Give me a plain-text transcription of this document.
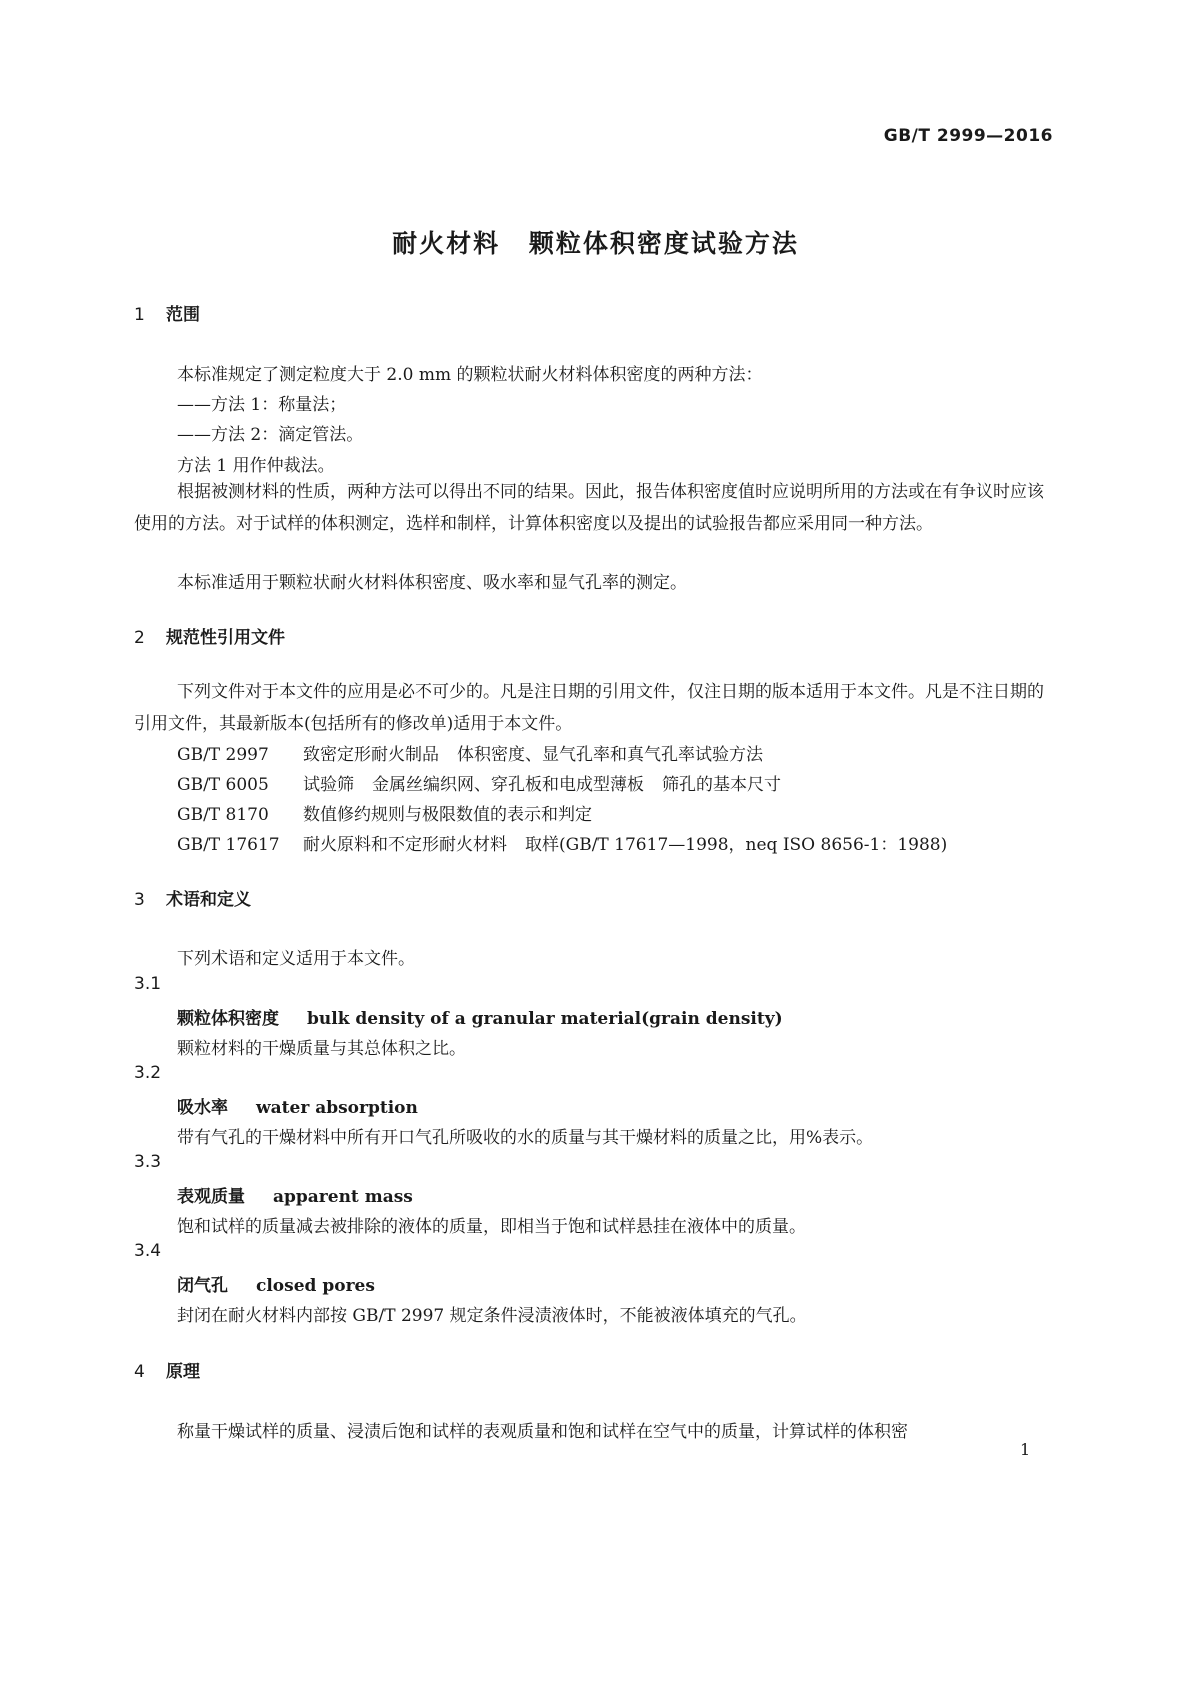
GB/T 2999—2016
耐火材料 颗粒体积密度试验方法
1 范围
本标准规定了测定粒度大于 2.0 mm 的颗粒状耐火材料体积密度的两种方法：
——方法 1：称量法；
——方法 2：滴定管法。
方法 1 用作仲裁法。
根据被测材料的性质，两种方法可以得出不同的结果。因此，报告体积密度值时应说明所用的方法或在有争议时应该使用的方法。对于试样的体积测定，选样和制样，计算体积密度以及提出的试验报告都应采用同一种方法。
本标准适用于颗粒状耐火材料体积密度、吸水率和显气孔率的测定。
2 规范性引用文件
下列文件对于本文件的应用是必不可少的。凡是注日期的引用文件，仅注日期的版本适用于本文件。凡是不注日期的引用文件，其最新版本(包括所有的修改单)适用于本文件。
GB/T 2997 致密定形耐火制品 体积密度、显气孔率和真气孔率试验方法
GB/T 6005 试验筛 金属丝编织网、穿孔板和电成型薄板 筛孔的基本尺寸
GB/T 8170 数值修约规则与极限数值的表示和判定
GB/T 17617 耐火原料和不定形耐火材料 取样(GB/T 17617—1998，neq ISO 8656-1：1988)
3 术语和定义
下列术语和定义适用于本文件。
3.1
颗粒体积密度 bulk density of a granular material(grain density)
颗粒材料的干燥质量与其总体积之比。
3.2
吸水率 water absorption
带有气孔的干燥材料中所有开口气孔所吸收的水的质量与其干燥材料的质量之比，用%表示。
3.3
表观质量 apparent mass
饱和试样的质量减去被排除的液体的质量，即相当于饱和试样悬挂在液体中的质量。
3.4
闭气孔 closed pores
封闭在耐火材料内部按 GB/T 2997 规定条件浸渍液体时，不能被液体填充的气孔。
4 原理
称量干燥试样的质量、浸渍后饱和试样的表观质量和饱和试样在空气中的质量，计算试样的体积密
1
